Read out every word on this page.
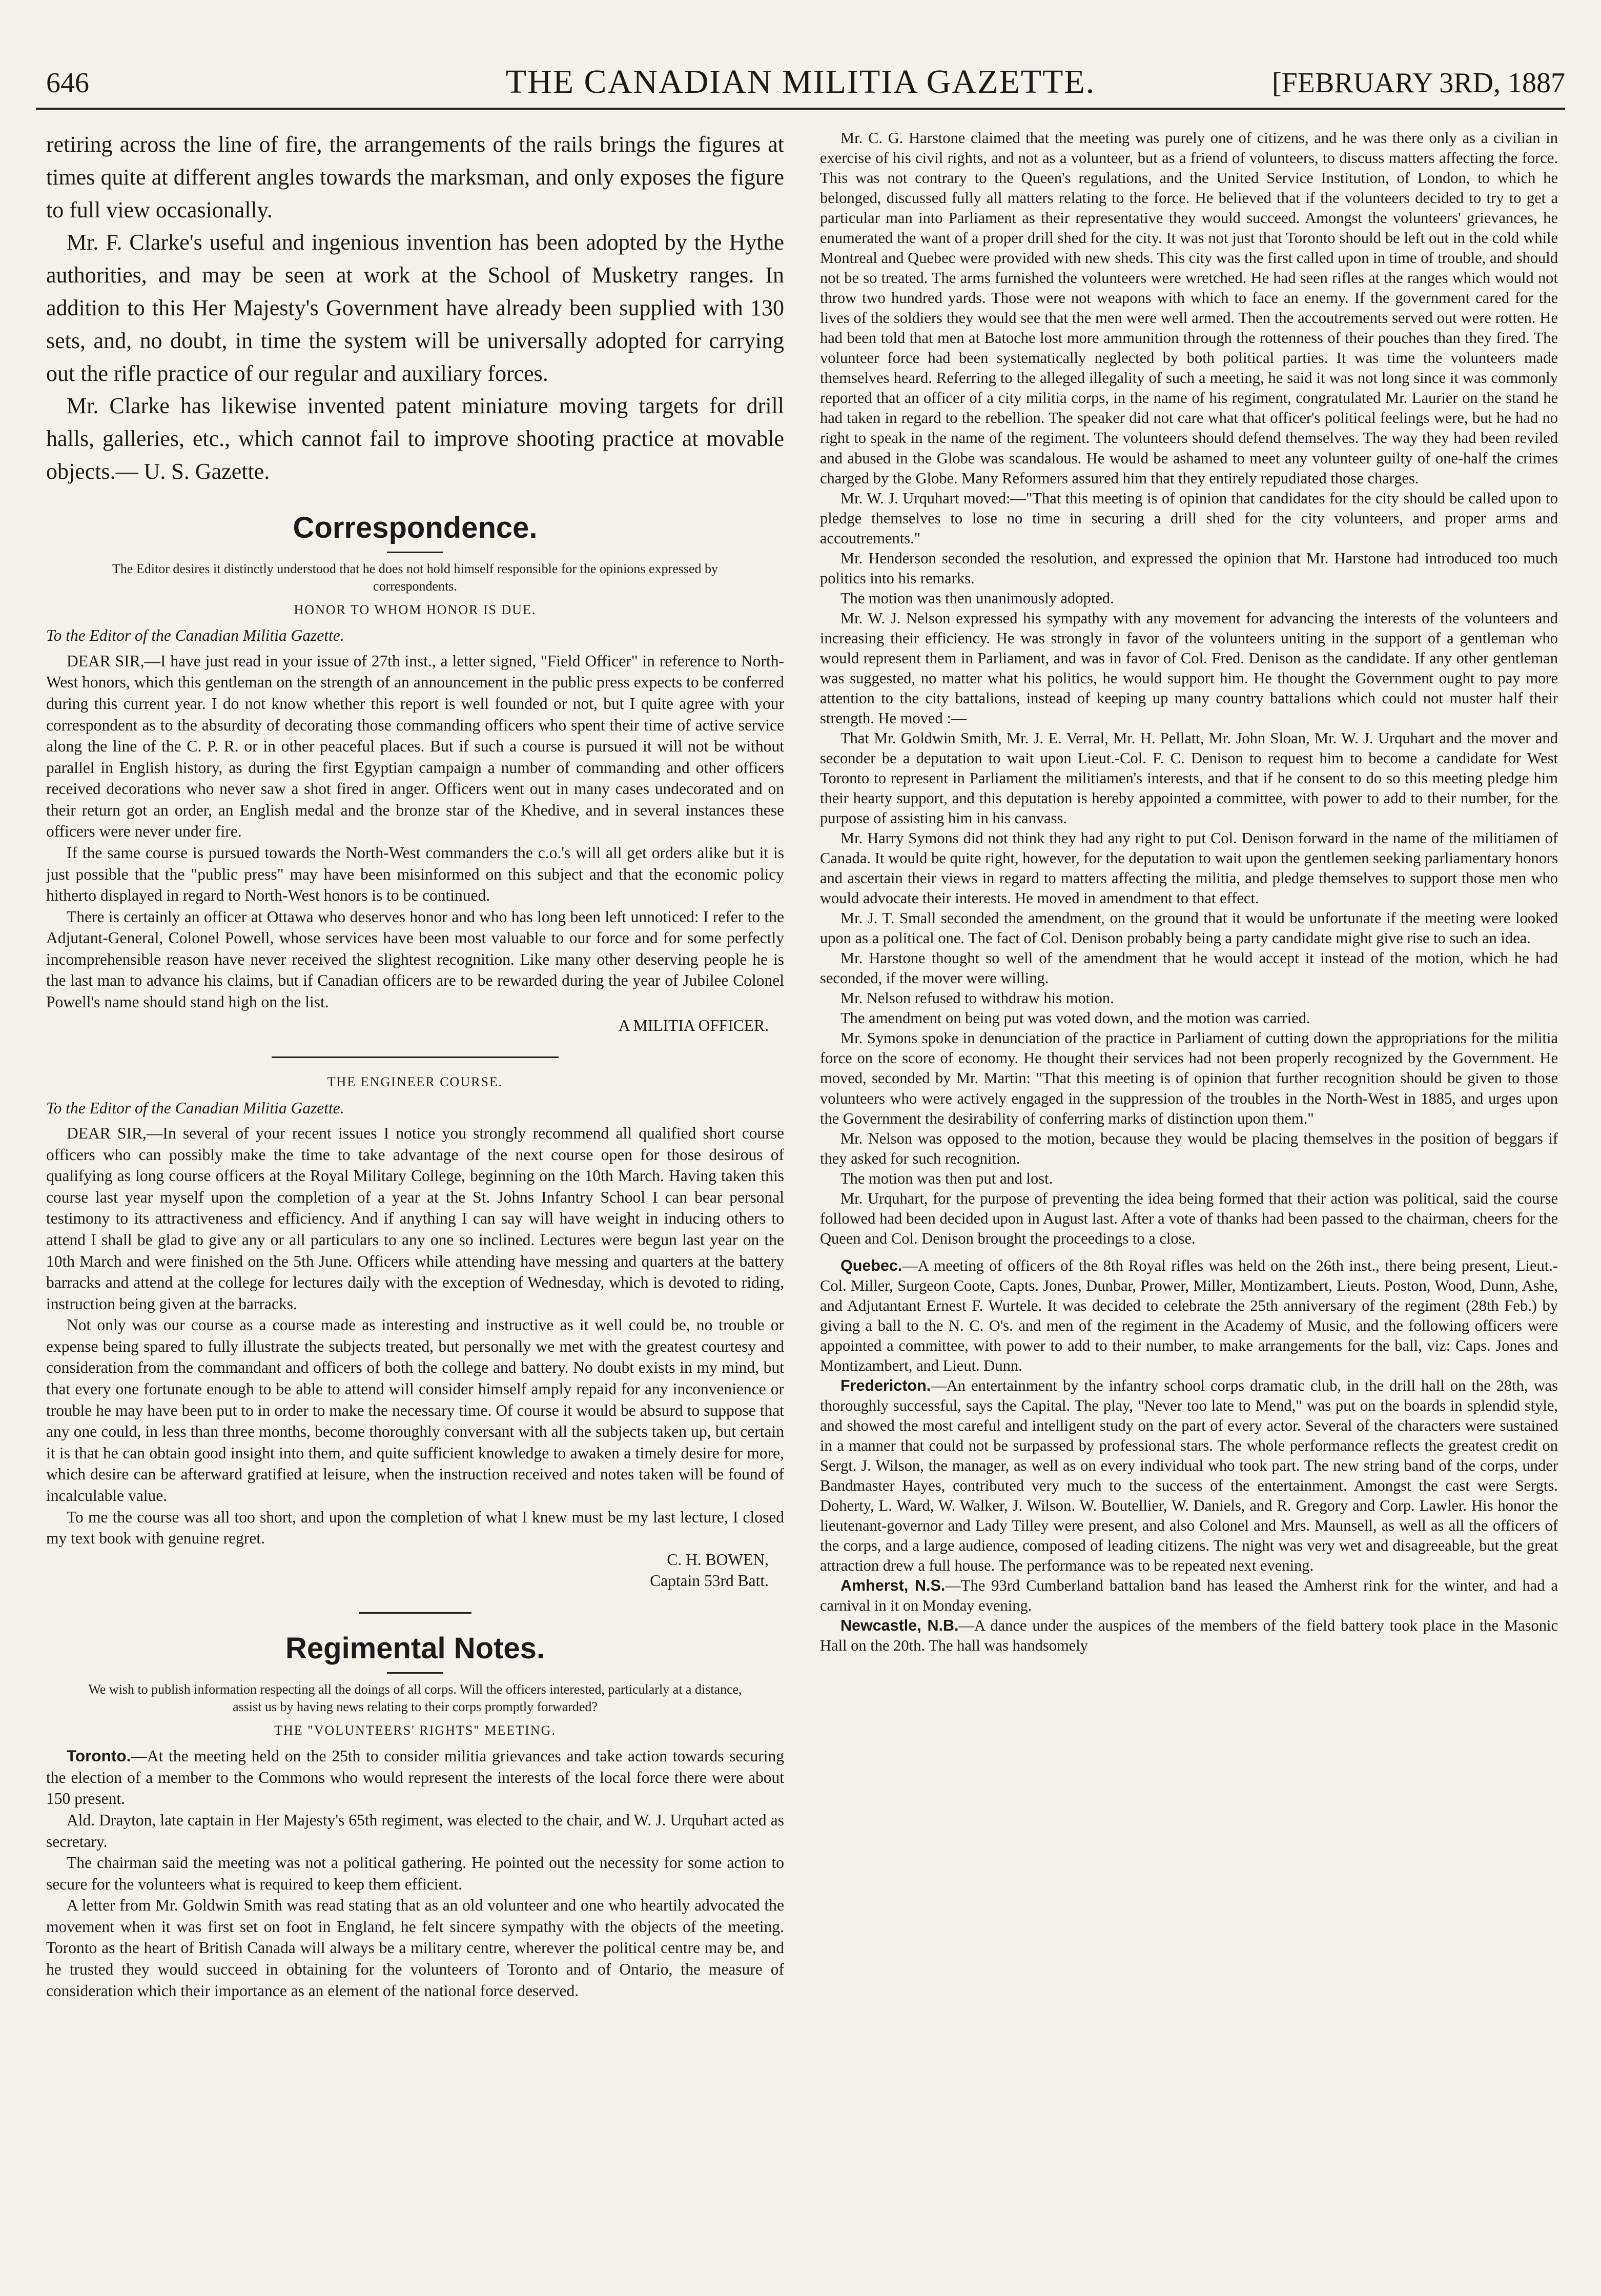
646	THE CANADIAN MILITIA GAZETTE.	[FEBRUARY 3RD, 1887

retiring across the line of fire, the arrangements of the rails brings the figures at times quite at different angles towards the marksman, and only exposes the figure to full view occasionally.

Mr. F. Clarke's useful and ingenious invention has been adopted by the Hythe authorities, and may be seen at work at the School of Musketry ranges. In addition to this Her Majesty's Government have already been supplied with 130 sets, and, no doubt, in time the system will be universally adopted for carrying out the rifle practice of our regular and auxiliary forces.

Mr. Clarke has likewise invented patent miniature moving targets for drill halls, galleries, etc., which cannot fail to improve shooting practice at movable objects.— U. S. Gazette.

Correspondence.
The Editor desires it distinctly understood that he does not hold himself responsible for the opinions expressed by correspondents.
HONOR TO WHOM HONOR IS DUE.
To the Editor of the Canadian Militia Gazette.

DEAR SIR,—I have just read in your issue of 27th inst., a letter signed, "Field Officer" in reference to North-West honors, which this gentleman on the strength of an announcement in the public press expects to be conferred during this current year. I do not know whether this report is well founded or not, but I quite agree with your correspondent as to the absurdity of decorating those commanding officers who spent their time of active service along the line of the C. P. R. or in other peaceful places. But if such a course is pursued it will not be without parallel in English history, as during the first Egyptian campaign a number of commanding and other officers received decorations who never saw a shot fired in anger. Officers went out in many cases undecorated and on their return got an order, an English medal and the bronze star of the Khedive, and in several instances these officers were never under fire.

If the same course is pursued towards the North-West commanders the c.o.'s will all get orders alike but it is just possible that the "public press" may have been misinformed on this subject and that the economic policy hitherto displayed in regard to North-West honors is to be continued.

There is certainly an officer at Ottawa who deserves honor and who has long been left unnoticed: I refer to the Adjutant-General, Colonel Powell, whose services have been most valuable to our force and for some perfectly incomprehensible reason have never received the slightest recognition. Like many other deserving people he is the last man to advance his claims, but if Canadian officers are to be rewarded during the year of Jubilee Colonel Powell's name should stand high on the list.

A MILITIA OFFICER.
THE ENGINEER COURSE.
To the Editor of the Canadian Militia Gazette.

DEAR SIR,—In several of your recent issues I notice you strongly recommend all qualified short course officers who can possibly make the time to take advantage of the next course open for those desirous of qualifying as long course officers at the Royal Military College, beginning on the 10th March. Having taken this course last year myself upon the completion of a year at the St. Johns Infantry School I can bear personal testimony to its attractiveness and efficiency. And if anything I can say will have weight in inducing others to attend I shall be glad to give any or all particulars to any one so inclined. Lectures were begun last year on the 10th March and were finished on the 5th June. Officers while attending have messing and quarters at the battery barracks and attend at the college for lectures daily with the exception of Wednesday, which is devoted to riding, instruction being given at the barracks.

Not only was our course as a course made as interesting and instructive as it well could be, no trouble or expense being spared to fully illustrate the subjects treated, but personally we met with the greatest courtesy and consideration from the commandant and officers of both the college and battery. No doubt exists in my mind, but that every one fortunate enough to be able to attend will consider himself amply repaid for any inconvenience or trouble he may have been put to in order to make the necessary time. Of course it would be absurd to suppose that any one could, in less than three months, become thoroughly conversant with all the subjects taken up, but certain it is that he can obtain good insight into them, and quite sufficient knowledge to awaken a timely desire for more, which desire can be afterward gratified at leisure, when the instruction received and notes taken will be found of incalculable value.

To me the course was all too short, and upon the completion of what I knew must be my last lecture, I closed my text book with genuine regret.

C. H. BOWEN,
Captain 53rd Batt.
Regimental Notes.
We wish to publish information respecting all the doings of all corps. Will the officers interested, particularly at a distance, assist us by having news relating to their corps promptly forwarded?
THE "VOLUNTEERS' RIGHTS" MEETING.

Toronto.—At the meeting held on the 25th to consider militia grievances and take action towards securing the election of a member to the Commons who would represent the interests of the local force there were about 150 present.

Ald. Drayton, late captain in Her Majesty's 65th regiment, was elected to the chair, and W. J. Urquhart acted as secretary.

The chairman said the meeting was not a political gathering. He pointed out the necessity for some action to secure for the volunteers what is required to keep them efficient.

A letter from Mr. Goldwin Smith was read stating that as an old volunteer and one who heartily advocated the movement when it was first set on foot in England, he felt sincere sympathy with the objects of the meeting. Toronto as the heart of British Canada will always be a military centre, wherever the political centre may be, and he trusted they would succeed in obtaining for the volunteers of Toronto and of Ontario, the measure of consideration which their importance as an element of the national force deserved.

Mr. C. G. Harstone claimed that the meeting was purely one of citizens, and he was there only as a civilian in exercise of his civil rights, and not as a volunteer, but as a friend of volunteers, to discuss matters affecting the force. This was not contrary to the Queen's regulations, and the United Service Institution, of London, to which he belonged, discussed fully all matters relating to the force. He believed that if the volunteers decided to try to get a particular man into Parliament as their representative they would succeed. Amongst the volunteers' grievances, he enumerated the want of a proper drill shed for the city. It was not just that Toronto should be left out in the cold while Montreal and Quebec were provided with new sheds. This city was the first called upon in time of trouble, and should not be so treated. The arms furnished the volunteers were wretched. He had seen rifles at the ranges which would not throw two hundred yards. Those were not weapons with which to face an enemy. If the government cared for the lives of the soldiers they would see that the men were well armed. Then the accoutrements served out were rotten. He had been told that men at Batoche lost more ammunition through the rottenness of their pouches than they fired. The volunteer force had been systematically neglected by both political parties. It was time the volunteers made themselves heard. Referring to the alleged illegality of such a meeting, he said it was not long since it was commonly reported that an officer of a city militia corps, in the name of his regiment, congratulated Mr. Laurier on the stand he had taken in regard to the rebellion. The speaker did not care what that officer's political feelings were, but he had no right to speak in the name of the regiment. The volunteers should defend themselves. The way they had been reviled and abused in the Globe was scandalous. He would be ashamed to meet any volunteer guilty of one-half the crimes charged by the Globe. Many Reformers assured him that they entirely repudiated those charges.

Mr. W. J. Urquhart moved:—"That this meeting is of opinion that candidates for the city should be called upon to pledge themselves to lose no time in securing a drill shed for the city volunteers, and proper arms and accoutrements."

Mr. Henderson seconded the resolution, and expressed the opinion that Mr. Harstone had introduced too much politics into his remarks.

The motion was then unanimously adopted.

Mr. W. J. Nelson expressed his sympathy with any movement for advancing the interests of the volunteers and increasing their efficiency. He was strongly in favor of the volunteers uniting in the support of a gentleman who would represent them in Parliament, and was in favor of Col. Fred. Denison as the candidate. If any other gentleman was suggested, no matter what his politics, he would support him. He thought the Government ought to pay more attention to the city battalions, instead of keeping up many country battalions which could not muster half their strength. He moved :—

That Mr. Goldwin Smith, Mr. J. E. Verral, Mr. H. Pellatt, Mr. John Sloan, Mr. W. J. Urquhart and the mover and seconder be a deputation to wait upon Lieut.-Col. F. C. Denison to request him to become a candidate for West Toronto to represent in Parliament the militiamen's interests, and that if he consent to do so this meeting pledge him their hearty support, and this deputation is hereby appointed a committee, with power to add to their number, for the purpose of assisting him in his canvass.

Mr. Harry Symons did not think they had any right to put Col. Denison forward in the name of the militiamen of Canada. It would be quite right, however, for the deputation to wait upon the gentlemen seeking parliamentary honors and ascertain their views in regard to matters affecting the militia, and pledge themselves to support those men who would advocate their interests. He moved in amendment to that effect.

Mr. J. T. Small seconded the amendment, on the ground that it would be unfortunate if the meeting were looked upon as a political one. The fact of Col. Denison probably being a party candidate might give rise to such an idea.

Mr. Harstone thought so well of the amendment that he would accept it instead of the motion, which he had seconded, if the mover were willing.

Mr. Nelson refused to withdraw his motion.

The amendment on being put was voted down, and the motion was carried.

Mr. Symons spoke in denunciation of the practice in Parliament of cutting down the appropriations for the militia force on the score of economy. He thought their services had not been properly recognized by the Government. He moved, seconded by Mr. Martin: "That this meeting is of opinion that further recognition should be given to those volunteers who were actively engaged in the suppression of the troubles in the North-West in 1885, and urges upon the Government the desirability of conferring marks of distinction upon them."

Mr. Nelson was opposed to the motion, because they would be placing themselves in the position of beggars if they asked for such recognition.

The motion was then put and lost.

Mr. Urquhart, for the purpose of preventing the idea being formed that their action was political, said the course followed had been decided upon in August last. After a vote of thanks had been passed to the chairman, cheers for the Queen and Col. Denison brought the proceedings to a close.

Quebec.—A meeting of officers of the 8th Royal rifles was held on the 26th inst., there being present, Lieut.-Col. Miller, Surgeon Coote, Capts. Jones, Dunbar, Prower, Miller, Montizambert, Lieuts. Poston, Wood, Dunn, Ashe, and Adjutantant Ernest F. Wurtele. It was decided to celebrate the 25th anniversary of the regiment (28th Feb.) by giving a ball to the N. C. O's. and men of the regiment in the Academy of Music, and the following officers were appointed a committee, with power to add to their number, to make arrangements for the ball, viz: Caps. Jones and Montizambert, and Lieut. Dunn.

Fredericton.—An entertainment by the infantry school corps dramatic club, in the drill hall on the 28th, was thoroughly successful, says the Capital. The play, "Never too late to Mend," was put on the boards in splendid style, and showed the most careful and intelligent study on the part of every actor. Several of the characters were sustained in a manner that could not be surpassed by professional stars. The whole performance reflects the greatest credit on Sergt. J. Wilson, the manager, as well as on every individual who took part. The new string band of the corps, under Bandmaster Hayes, contributed very much to the success of the entertainment. Amongst the cast were Sergts. Doherty, L. Ward, W. Walker, J. Wilson. W. Boutellier, W. Daniels, and R. Gregory and Corp. Lawler. His honor the lieutenant-governor and Lady Tilley were present, and also Colonel and Mrs. Maunsell, as well as all the officers of the corps, and a large audience, composed of leading citizens. The night was very wet and disagreeable, but the great attraction drew a full house. The performance was to be repeated next evening.

Amherst, N.S.—The 93rd Cumberland battalion band has leased the Amherst rink for the winter, and had a carnival in it on Monday evening.

Newcastle, N.B.—A dance under the auspices of the members of the field battery took place in the Masonic Hall on the 20th. The hall was handsomely
